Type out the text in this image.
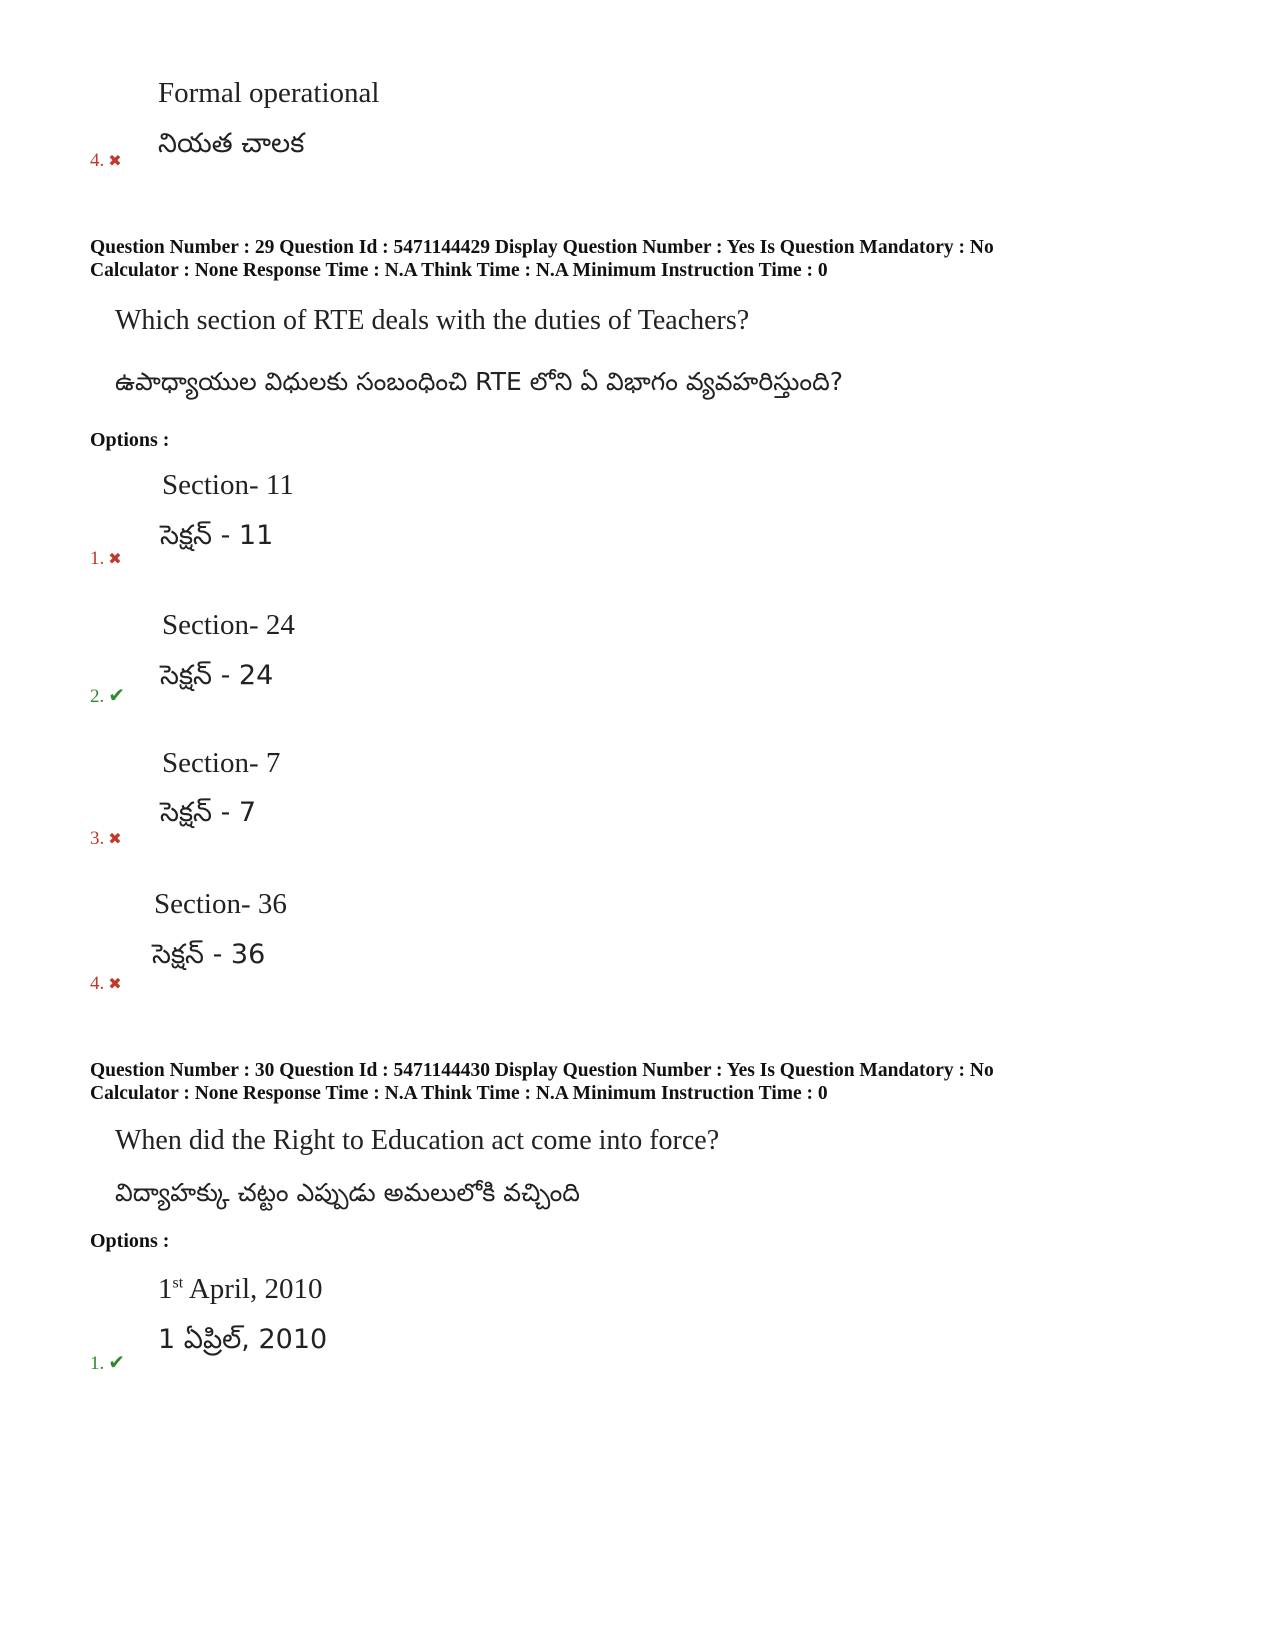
Formal operational
నియత చాలక
4. ✖
Question Number : 29 Question Id : 5471144429 Display Question Number : Yes Is Question Mandatory : No
Calculator : None Response Time : N.A Think Time : N.A Minimum Instruction Time : 0
Which section of RTE deals with the duties of Teachers?
ఉపాధ్యాయుల విధులకు సంబంధించి RTE లోని ఏ విభాగం వ్యవహరిస్తుంది?
Options :
Section- 11
సెక్షన్ - 11
1. ✖
Section- 24
సెక్షన్ - 24
2. ✔
Section- 7
సెక్షన్ - 7
3. ✖
Section- 36
సెక్షన్ - 36
4. ✖
Question Number : 30 Question Id : 5471144430 Display Question Number : Yes Is Question Mandatory : No
Calculator : None Response Time : N.A Think Time : N.A Minimum Instruction Time : 0
When did the Right to Education act come into force?
విద్యాహక్కు చట్టం ఎప్పుడు అమలులోకి వచ్చింది
Options :
1st April, 2010
1 ఏప్రిల్, 2010
1. ✔
